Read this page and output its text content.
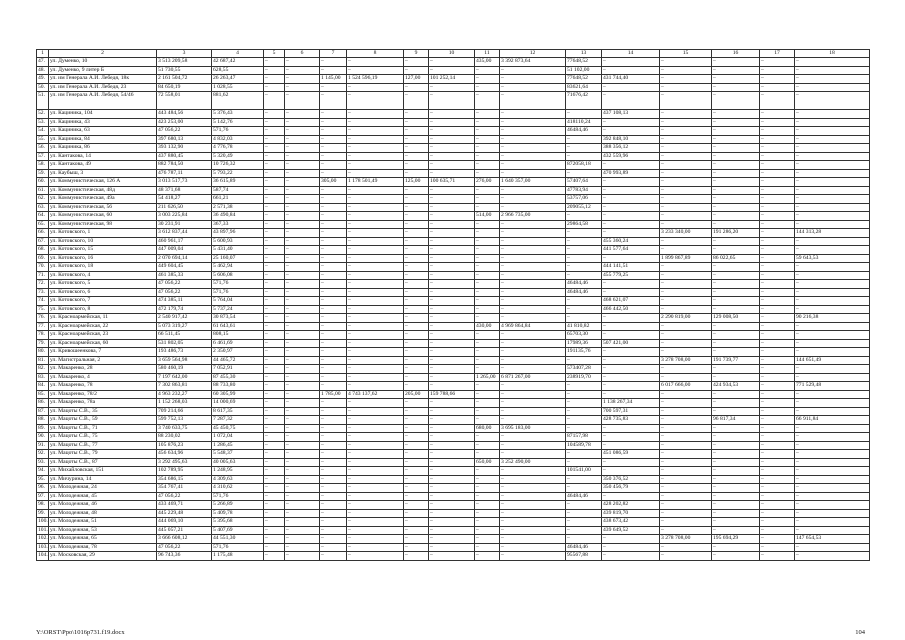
1	2	3	4	5	6	7	8	9	10	11	12	13	14	15	16	17	18
47.	ул. Думенко, 10	3 513 209,58	42 687,42	–	–	–	–	–	–	435,00	3 392 873,64	77648,52	–	–	–	–	–
48.	ул. Думенко, 9 литер Б	51 730,55	628,55	–	–	–	–	–	–	–	–	51 102,00	–	–	–	–	–
49.	ул. им Генерала А.И. Лебедя, 18к	2 161 504,72	26 263,47	–	–	1 145,00	1 524 596,19	127,00	101 252,14	–	–	77648,52	431 744,40	–	–	–	–
50.	ул. им Генерала А.И. Лебедя, 23	84 650,19	1 028,55	–	–	–	–	–	–	–	–	83621,64	–	–	–	–	–
51.	ул. им Генерала А.И. Лебедя, 54/46	72 558,01	881,62	–	–	–	–	–	–	–	–	71676,42	–	–	–	–	–
52.	ул. Кациника, 104	443 484,56	5 376,43	–	–	–	–	–	–	–	–	–	437 108,13	–	–	–	–
53.	ул. Кациника, 43	423 253,00	5 142,76	–	–	–	–	–	–	–	–	418110,24	–	–	–	–	–
54.	ул. Кациника, 63	47 056,22	571,76	–	–	–	–	–	–	–	–	46484,46	–	–	–	–	–
55.	ул. Кациника, 84	397 680,13	4 832,03	–	–	–	–	–	–	–	–	–	392 848,10	–	–	–	–
56.	ул. Кациника, 86	393 132,90	4 776,78	–	–	–	–	–	–	–	–	–	388 356,12	–	–	–	–
57.	ул. Кантакова, 14	437 880,45	5 320,49	–	–	–	–	–	–	–	–	–	432 559,96	–	–	–	–
58.	ул. Кантакова, 49	882 784,50	10 726,32	–	–	–	–	–	–	–	–	872058,18	–	–	–	–	–
59.	ул. Каубыш, 3	476 787,11	5 793,22	–	–	–	–	–	–	–	–	–	470 993,89	–	–	–	–
60.	ул. Коммунистическая, 126 А	3 013 517,73	36 615,89	–	–	305,00	1 178 501,49	125,00	100 635,71	276,00	1 640 357,00	57407,64	–	–	–	–	–
61.	ул. Коммунистическая, 48д	48 371,68	587,74	–	–	–	–	–	–	–	–	47783,94	–	–	–	–	–
62.	ул. Коммунистическая, 49а	54 418,27	661,21	–	–	–	–	–	–	–	–	53757,06	–	–	–	–	–
63.	ул. Коммунистическая, 56	211 626,50	2 571,38	–	–	–	–	–	–	–	–	209055,12	–	–	–	–	–
64.	ул. Коммунистическая, 60	3 003 225,84	36 490,84	–	–	–	–	–	–	514,00	2 966 735,00	–	–	–	–	–	–
65.	ул. Коммунистическая, 98	30 231,91	367,33	–	–	–	–	–	–	–	–	29864,58	–	–	–	–	–
66.	ул. Котовского, 1	3 612 837,44	43 897,96	–	–	–	–	–	–	–	–	–	–	3 233 340,00	191 286,20	–	144 313,28
67.	ул. Котовского, 10	460 961,17	5 600,93	–	–	–	–	–	–	–	–	–	455 360,24	–	–	–	–
68.	ул. Котовского, 15	447 009,04	5 431,40	–	–	–	–	–	–	–	–	–	441 577,64	–	–	–	–
69.	ул. Котовского, 16	2 070 694,14	25 160,07	–	–	–	–	–	–	–	–	–	–	1 899 867,89	86 022,65	–	59 643,53
70.	ул. Котовского, 18	449 604,45	5 462,94	–	–	–	–	–	–	–	–	–	444 141,51	–	–	–	–
71.	ул. Котовского, 4	461 385,33	5 606,08	–	–	–	–	–	–	–	–	–	455 779,25	–	–	–	–
72.	ул. Котовского, 5	47 056,22	571,76	–	–	–	–	–	–	–	–	46484,46	–	–	–	–	–
73.	ул. Котовского, 6	47 056,22	571,76	–	–	–	–	–	–	–	–	46484,46	–	–	–	–	–
74.	ул. Котовского, 7	474 385,11	5 764,04	–	–	–	–	–	–	–	–	–	468 621,07	–	–	–	–
75.	ул. Котовского, 8	472 179,74	5 737,24	–	–	–	–	–	–	–	–	–	466 442,50	–	–	–	–
76.	ул. Красноармейская, 11	2 540 917,42	30 873,54	–	–	–	–	–	–	–	–	–	–	2 290 819,00	129 008,50	–	90 216,38
77.	ул. Красноармейская, 22	5 073 319,27	61 643,61	–	–	–	–	–	–	430,00	4 969 864,84	41 810,82	–	–	–	–	–
78.	ул. Красноармейская, 23	66 511,45	808,15	–	–	–	–	–	–	–	–	65703,30	–	–	–	–	–
79.	ул. Красноармейская, 60	531 802,05	6 461,69	–	–	–	–	–	–	–	–	17989,36	507 421,00	–	–	–	–
80.	ул. Кривошеенкова, 7	193 486,73	2 350,97	–	–	–	–	–	–	–	–	191135,76	–	–	–	–	–
81.	ул. Магистральная, 2	3 659 564,98	44 465,72	–	–	–	–	–	–	–	–	–	–	3 278 708,00	191 739,77	–	144 651,49
82.	ул. Макаренко, 28	580 460,19	7 052,91	–	–	–	–	–	–	–	–	573407,28	–	–	–	–	–
83.	ул. Макаренко, 4	7 197 642,00	87 455,30	–	–	–	–	–	–	1 265,00	6 871 267,00	238919,70	–	–	–	–	–
84.	ул. Макаренко, 78	7 302 863,81	88 733,80	–	–	–	–	–	–	–	–	–	–	6 017 666,00	424 934,53	–	771 529,48
85.	ул. Макаренко, 78/2	4 963 232,27	60 305,99	–	–	1 785,00	4 743 137,62	205,00	159 788,66	–	–	–	–	–	–	–	–
86.	ул. Макаренко, 78а	1 152 268,03	14 000,69	–	–	–	–	–	–	–	–	–	1 138 267,34	–	–	–	–
87.	ул. Мацоты С.В., 35	709 214,66	8 617,35	–	–	–	–	–	–	–	–	–	700 597,31	–	–	–	–
88.	ул. Мацоты С.В., 59	599 752,13	7 287,32	–	–	–	–	–	–	–	–	–	428 735,83	–	96 817,34	–	66 911,84
89.	ул. Мацоты С.В., 71	3 740 633,75	45 450,75	–	–	–	–	–	–	680,00	3 695 183,00	–	–	–	–	–	–
90.	ул. Мацоты С.В., 75	88 230,02	1 072,04	–	–	–	–	–	–	–	–	87157,98	–	–	–	–	–
91.	ул. Мацоты С.В., 77	105 876,23	1 286,45	–	–	–	–	–	–	–	–	104589,78	–	–	–	–	–
92.	ул. Мацоты С.В., 79	456 634,96	5 548,37	–	–	–	–	–	–	–	–	–	451 086,59	–	–	–	–
93.	ул. Мацоты С.В., 87	3 292 495,63	40 005,63	–	–	–	–	–	–	650,00	3 252 490,00	–	–	–	–	–	–
94.	ул. Михайловская, 151	102 789,95	1 248,95	–	–	–	–	–	–	–	–	101541,00	–	–	–	–	–
95.	ул. Мичурина, 14	354 686,15	4 309,63	–	–	–	–	–	–	–	–	–	350 376,52	–	–	–	–
96.	ул. Молодежная, 24	354 767,41	4 310,62	–	–	–	–	–	–	–	–	–	350 456,79	–	–	–	–
97.	ул. Молодежная, 45	47 056,22	571,76	–	–	–	–	–	–	–	–	46484,46	–	–	–	–	–
98.	ул. Молодежная, 46	433 469,71	5 266,89	–	–	–	–	–	–	–	–	–	428 202,82	–	–	–	–
99.	ул. Молодежная, 48	445 229,48	5 409,78	–	–	–	–	–	–	–	–	–	439 819,70	–	–	–	–
100.	ул. Молодежная, 51	444 069,10	5 395,68	–	–	–	–	–	–	–	–	–	438 673,42	–	–	–	–
101.	ул. Молодежная, 53	445 057,21	5 407,69	–	–	–	–	–	–	–	–	–	439 649,52	–	–	–	–
102.	ул. Молодежная, 65	3 666 608,12	44 551,30	–	–	–	–	–	–	–	–	–	–	3 278 708,00	195 694,29	–	147 654,53
103.	ул. Молодежная, 78	47 056,22	571,76	–	–	–	–	–	–	–	–	46484,46	–	–	–	–	–
104.	ул. Московская, 29	96 743,36	1 175,48	–	–	–	–	–	–	–	–	95567,88	–	–	–	–	–
Y:\ORST\Ppo\1016p731.f19.docx	104
